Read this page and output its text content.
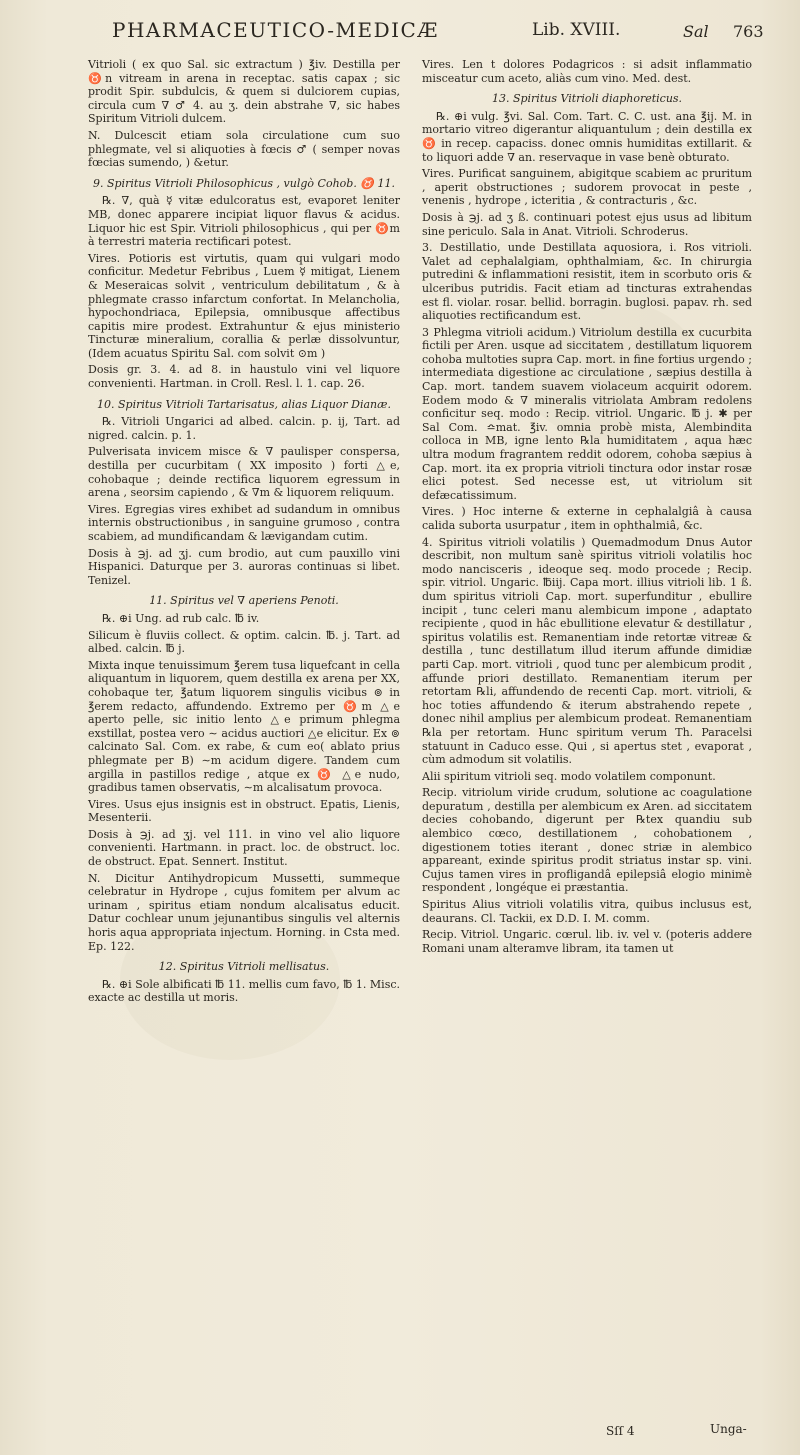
PHARMACEUTICO-MEDICÆ	Lib. XVIII.	Sal 763

Vitrioli ( ex quo Sal. sic extractum ) ℥iv. Destilla per ♉n vitream in arena in receptac. satis capax ; sic prodit Spir. subdulcis, & quem si dulciorem cupias, circula cum ∇ ♂ 4. au ʒ. dein abstrahe ∇, sic habes Spiritum Vitrioli dulcem.

N. Dulcescit etiam sola circulatione cum suo phlegmate, vel si aliquoties à fœcis ♂ ( semper novas fœcias sumendo, ) &etur.

9. Spiritus Vitrioli Philosophicus , vulgò Cohob. ♉ 11.

℞. ∇, quà ☿ vitæ edulcoratus est, evaporet leniter MB, donec apparere incipiat liquor flavus & acidus. Liquor hic est Spir. Vitrioli philosophicus , qui per ♉m à terrestri materia rectificari potest.

Vires. Potioris est virtutis, quam qui vulgari modo conficitur. Medetur Febribus , Luem ☿ mitigat, Lienem & Meseraicas solvit , ventriculum debilitatum , & à phlegmate crasso infarctum confortat. In Melancholia, hypochondriaca, Epilepsia, omnibusque affectibus capitis mire prodest. Extrahuntur & ejus ministerio Tincturæ mineralium, corallia & perlæ dissolvuntur, (Idem acuatus Spiritu Sal. com solvit ⊙m )

Dosis gr. 3. 4. ad 8. in haustulo vini vel liquore convenienti. Hartman. in Croll. Resl. l. 1. cap. 26.

10. Spiritus Vitrioli Tartarisatus, alias Liquor Dianæ.

℞. Vitrioli Ungarici ad albed. calcin. p. ij, Tart. ad nigred. calcin. p. 1.

Pulverisata invicem misce & ∇ paulisper conspersa, destilla per cucurbitam ( XX imposito ) forti △e, cohobaque ; deinde rectifica liquorem egressum in arena , seorsim capiendo , & ∇m & liquorem reliquum.

Vires. Egregias vires exhibet ad sudandum in omnibus internis obstructionibus , in sanguine grumoso , contra scabiem, ad mundificandam & lævigandam cutim.

Dosis à ℈j. ad ʒj. cum brodio, aut cum pauxillo vini Hispanici. Daturque per 3. auroras continuas si libet. Tenizel.

11. Spiritus vel ∇ aperiens Penoti.

℞. ⊕i Ung. ad rub calc. ℔ iv.

Silicum è fluviis collect. & optim. calcin. ℔. j. Tart. ad albed. calcin. ℔ j.

Mixta inque tenuissimum ℥erem tusa liquefcant in cella aliquantum in liquorem, quem destilla ex arena per XX, cohobaque ter, ℥atum liquorem singulis vicibus ⊚ in ℥erem redacto, affundendo. Extremo per ♉m △e aperto pelle, sic initio lento △e primum phlegma exstillat, postea vero ∼ acidus auctiori △e elicitur. Ex ⊚ calcinato Sal. Com. ex rabe, & cum eo( ablato prius phlegmate per B) ∼m acidum digere. Tandem cum argilla in pastillos redige , atque ex ♉ △e nudo, gradibus tamen observatis, ∼m alcalisatum provoca.

Vires. Usus ejus insignis est in obstruct. Epatis, Lienis, Mesenterii.

Dosis à ℈j. ad ʒj. vel 111. in vino vel alio liquore convenienti. Hartmann. in pract. loc. de obstruct. loc. de obstruct. Epat. Sennert. Institut.

N. Dicitur Antihydropicum Mussetti, summeque celebratur in Hydrope , cujus fomitem per alvum ac urinam , spiritus etiam nondum alcalisatus educit. Datur cochlear unum jejunantibus singulis vel alternis horis aqua appropriata injectum. Horning. in Csta med. Ep. 122.

12. Spiritus Vitrioli mellisatus.

℞. ⊕i Sole albificati ℔ 11. mellis cum favo, ℔ 1. Misc. exacte ac destilla ut moris.

Vires. Len t dolores Podagricos : si adsit inflammatio misceatur cum aceto, aliàs cum vino. Med. dest.

13. Spiritus Vitrioli diaphoreticus.

℞. ⊕i vulg. ℥vi. Sal. Com. Tart. C. C. ust. ana ℥ij. M. in mortario vitreo digerantur aliquantulum ; dein destilla ex ♉ in recep. capaciss. donec omnis humiditas extillarit. & to liquori adde ∇ an. reservaque in vase benè obturato.

Vires. Purificat sanguinem, abigitque scabiem ac pruritum , aperit obstructiones ; sudorem provocat in peste , venenis , hydrope , icteritia , & contracturis , &c.

Dosis à ℈j. ad ʒ ß. continuari potest ejus usus ad libitum sine periculo. Sala in Anat. Vitrioli. Schroderus.

3. Destillatio, unde Destillata aquosiora, i. Ros vitrioli. Valet ad cephalalgiam, ophthalmiam, &c. In chirurgia putredini & inflammationi resistit, item in scorbuto oris & ulceribus putridis. Facit etiam ad tincturas extrahendas est fl. violar. rosar. bellid. borragin. buglosi. papav. rh. sed aliquoties rectificandum est.

3 Phlegma vitrioli acidum.) Vitriolum destilla ex cucurbita fictili per Aren. usque ad siccitatem , destillatum liquorem cohoba multoties supra Cap. mort. in fine fortius urgendo ; intermediata digestione ac circulatione , sæpius destilla à Cap. mort. tandem suavem violaceum acquirit odorem. Eodem modo & ∇ mineralis vitriolata Ambram redolens conficitur seq. modo : Recip. vitriol. Ungaric. ℔ j. ✱ per Sal Com. ≏mat. ℥iv. omnia probè mista, Alembindita colloca in MB, igne lento ℞la humiditatem , aqua hæc ultra modum fragrantem reddit odorem, cohoba sæpius à Cap. mort. ita ex propria vitrioli tinctura odor instar rosæ elici potest. Sed necesse est, ut vitriolum sit defæcatissimum.

Vires. ) Hoc interne & externe in cephalalgiâ à causa calida suborta usurpatur , item in ophthalmiâ, &c.

4. Spiritus vitrioli volatilis ) Quemadmodum Dnus Autor describit, non multum sanè spiritus vitrioli volatilis hoc modo nancisceris , ideoque seq. modo procede ; Recip. spir. vitriol. Ungaric. ℔iij. Capa mort. illius vitrioli lib. 1 ß. dum spiritus vitrioli Cap. mort. superfunditur , ebullire incipit , tunc celeri manu alembicum impone , adaptato recipiente , quod in hâc ebullitione elevatur & destillatur , spiritus volatilis est. Remanentiam inde retortæ vitreæ & destilla , tunc destillatum illud iterum affunde dimidiæ parti Cap. mort. vitrioli , quod tunc per alembicum prodit , affunde priori destillato. Remanentiam iterum per retortam ℞li, affundendo de recenti Cap. mort. vitrioli, & hoc toties affundendo & iterum abstrahendo repete , donec nihil amplius per alembicum prodeat. Remanentiam ℞la per retortam. Hunc spiritum verum Th. Paracelsi statuunt in Caduco esse. Qui , si apertus stet , evaporat , cùm admodum sit volatilis.

Alii spiritum vitrioli seq. modo volatilem componunt.

Recip. vitriolum viride crudum, solutione ac coagulatione depuratum , destilla per alembicum ex Aren. ad siccitatem decies cohobando, digerunt per ℞tex quandiu sub alembico cœco, destillationem , cohobationem , digestionem toties iterant , donec striæ in alembico appareant, exinde spiritus prodit striatus instar sp. vini. Cujus tamen vires in profligandâ epilepsiâ elogio minimè respondent , longéque ei præstantia.

Spiritus Alius vitrioli volatilis vitra, quibus inclusus est, deaurans. Cl. Tackii, ex D.D. I. M. comm.

Recip. Vitriol. Ungaric. cœrul. lib. iv. vel v. (poteris addere Romani unam alteramve libram, ita tamen ut

Sſſ 4	Unga-
